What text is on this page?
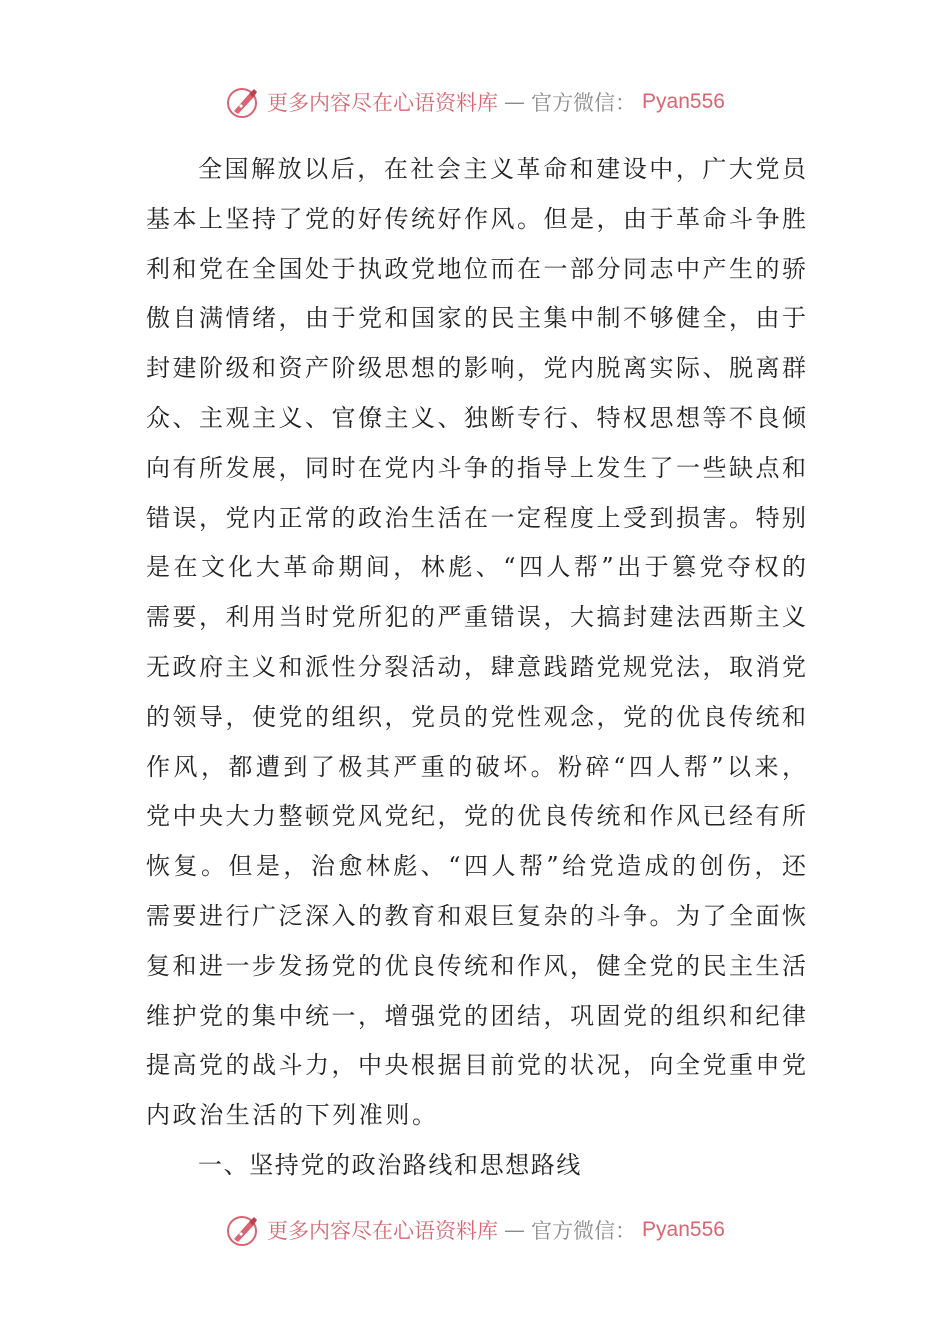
更多内容尽在心语资料库 — 官方微信： Pyan556
全国解放以后，在社会主义革命和建设中，广大党员
基本上坚持了党的好传统好作风。但是，由于革命斗争胜
利和党在全国处于执政党地位而在一部分同志中产生的骄
傲自满情绪，由于党和国家的民主集中制不够健全，由于
封建阶级和资产阶级思想的影响，党内脱离实际、脱离群
众、主观主义、官僚主义、独断专行、特权思想等不良倾
向有所发展，同时在党内斗争的指导上发生了一些缺点和
错误，党内正常的政治生活在一定程度上受到损害。特别
是在文化大革命期间，林彪、“四人帮”出于篡党夺权的
需要，利用当时党所犯的严重错误，大搞封建法西斯主义
无政府主义和派性分裂活动，肆意践踏党规党法，取消党
的领导，使党的组织，党员的党性观念，党的优良传统和
作风，都遭到了极其严重的破坏。粉碎“四人帮”以来，
党中央大力整顿党风党纪，党的优良传统和作风已经有所
恢复。但是，治愈林彪、“四人帮”给党造成的创伤，还
需要进行广泛深入的教育和艰巨复杂的斗争。为了全面恢
复和进一步发扬党的优良传统和作风，健全党的民主生活
维护党的集中统一，增强党的团结，巩固党的组织和纪律
提高党的战斗力，中央根据目前党的状况，向全党重申党
内政治生活的下列准则。
一、坚持党的政治路线和思想路线
更多内容尽在心语资料库 — 官方微信： Pyan556
